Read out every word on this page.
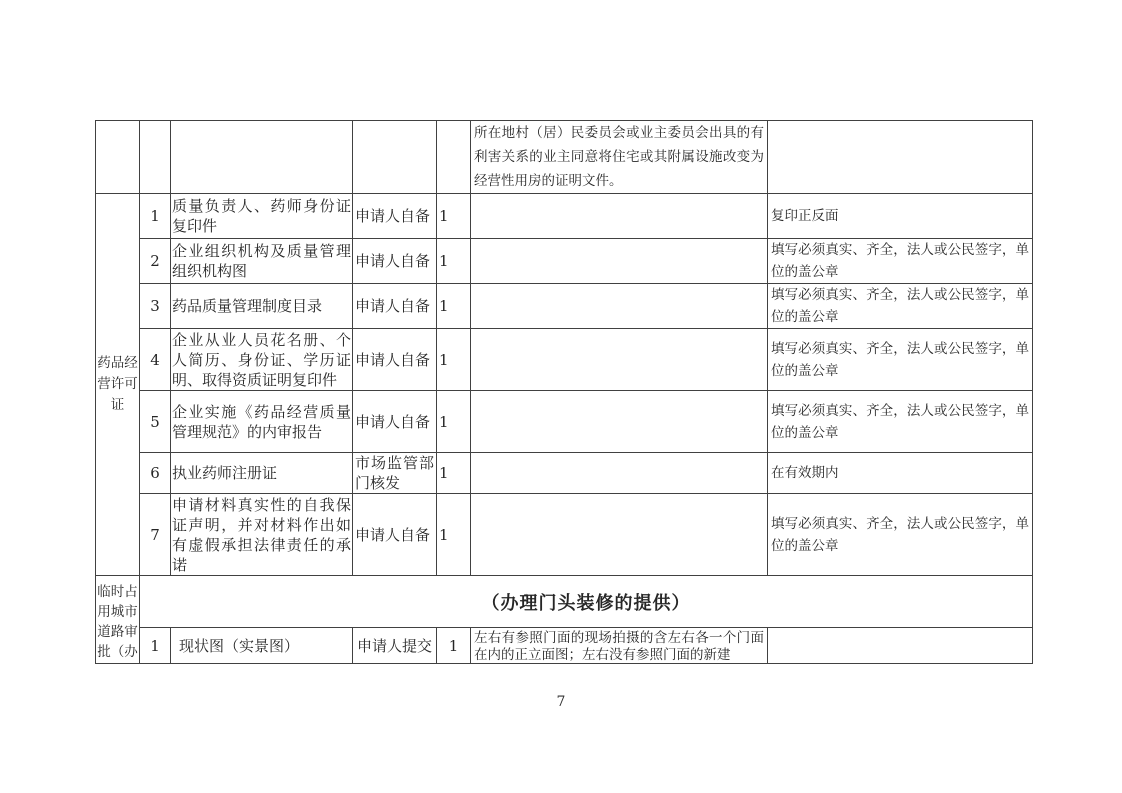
					所在地村（居）民委员会或业主委员会出具的有利害关系的业主同意将住宅或其附属设施改变为经营性用房的证明文件。	
药品经营许可证	1	质量负责人、药师身份证复印件	申请人自备	1		复印正反面
	2	企业组织机构及质量管理组织机构图	申请人自备	1		填写必须真实、齐全，法人或公民签字，单位的盖公章
	3	药品质量管理制度目录	申请人自备	1		填写必须真实、齐全，法人或公民签字，单位的盖公章
	4	企业从业人员花名册、个人简历、身份证、学历证明、取得资质证明复印件	申请人自备	1		填写必须真实、齐全，法人或公民签字，单位的盖公章
	5	企业实施《药品经营质量管理规范》的内审报告	申请人自备	1		填写必须真实、齐全，法人或公民签字，单位的盖公章
	6	执业药师注册证	市场监管部门核发	1		在有效期内
	7	申请材料真实性的自我保证声明，并对材料作出如有虚假承担法律责任的承诺	申请人自备	1		填写必须真实、齐全，法人或公民签字，单位的盖公章
临时占用城市道路审批（办	（办理门头装修的提供）					
	1	现状图（实景图）	申请人提交	1	左右有参照门面的现场拍摄的含左右各一个门面在内的正立面图；左右没有参照门面的新建	
7
